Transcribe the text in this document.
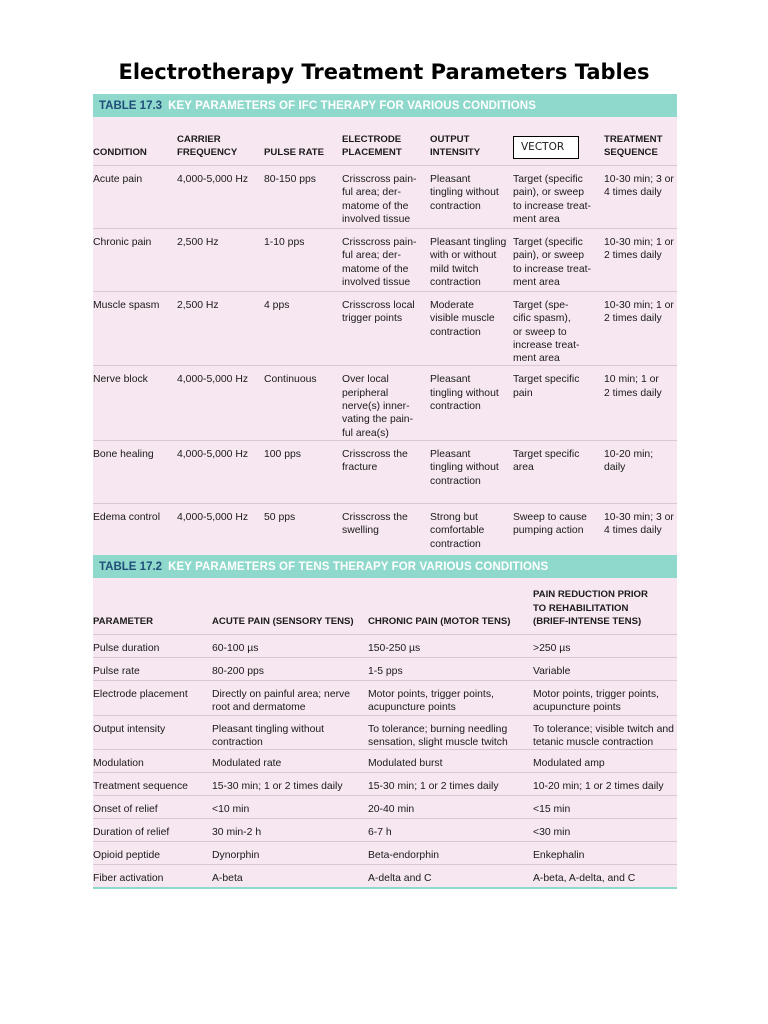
Electrotherapy Treatment Parameters Tables
TABLE 17.3 KEY PARAMETERS OF IFC THERAPY FOR VARIOUS CONDITIONS
CONDITION	CARRIER
FREQUENCY	PULSE RATE	ELECTRODE
PLACEMENT	OUTPUT
INTENSITY	VECTOR	TREATMENT
SEQUENCE
Acute pain	4,000-5,000 Hz	80-150 pps	Crisscross pain-
ful area; der-
matome of the
involved tissue	Pleasant
tingling without
contraction	Target (specific
pain), or sweep
to increase treat-
ment area	10-30 min; 3 or
4 times daily
Chronic pain	2,500 Hz	1-10 pps	Crisscross pain-
ful area; der-
matome of the
involved tissue	Pleasant tingling
with or without
mild twitch
contraction	Target (specific
pain), or sweep
to increase treat-
ment area	10-30 min; 1 or
2 times daily
Muscle spasm	2,500 Hz	4 pps	Crisscross local
trigger points	Moderate
visible muscle
contraction	Target (spe-
cific spasm),
or sweep to
increase treat-
ment area	10-30 min; 1 or
2 times daily
Nerve block	4,000-5,000 Hz	Continuous	Over local
peripheral
nerve(s) inner-
vating the pain-
ful area(s)	Pleasant
tingling without
contraction	Target specific
pain	10 min; 1 or
2 times daily
Bone healing	4,000-5,000 Hz	100 pps	Crisscross the
fracture	Pleasant
tingling without
contraction	Target specific
area	10-20 min;
daily
Edema control	4,000-5,000 Hz	50 pps	Crisscross the
swelling	Strong but
comfortable
contraction	Sweep to cause
pumping action	10-30 min; 3 or
4 times daily
TABLE 17.2 KEY PARAMETERS OF TENS THERAPY FOR VARIOUS CONDITIONS
PARAMETER	ACUTE PAIN (SENSORY TENS)	CHRONIC PAIN (MOTOR TENS)	PAIN REDUCTION PRIOR
TO REHABILITATION
(BRIEF-INTENSE TENS)
Pulse duration	60-100 µs	150-250 µs	>250 µs
Pulse rate	80-200 pps	1-5 pps	Variable
Electrode placement	Directly on painful area; nerve
root and dermatome	Motor points, trigger points,
acupuncture points	Motor points, trigger points,
acupuncture points
Output intensity	Pleasant tingling without
contraction	To tolerance; burning needling
sensation, slight muscle twitch	To tolerance; visible twitch and
tetanic muscle contraction
Modulation	Modulated rate	Modulated burst	Modulated amp
Treatment sequence	15-30 min; 1 or 2 times daily	15-30 min; 1 or 2 times daily	10-20 min; 1 or 2 times daily
Onset of relief	<10 min	20-40 min	<15 min
Duration of relief	30 min-2 h	6-7 h	<30 min
Opioid peptide	Dynorphin	Beta-endorphin	Enkephalin
Fiber activation	A-beta	A-delta and C	A-beta, A-delta, and C
